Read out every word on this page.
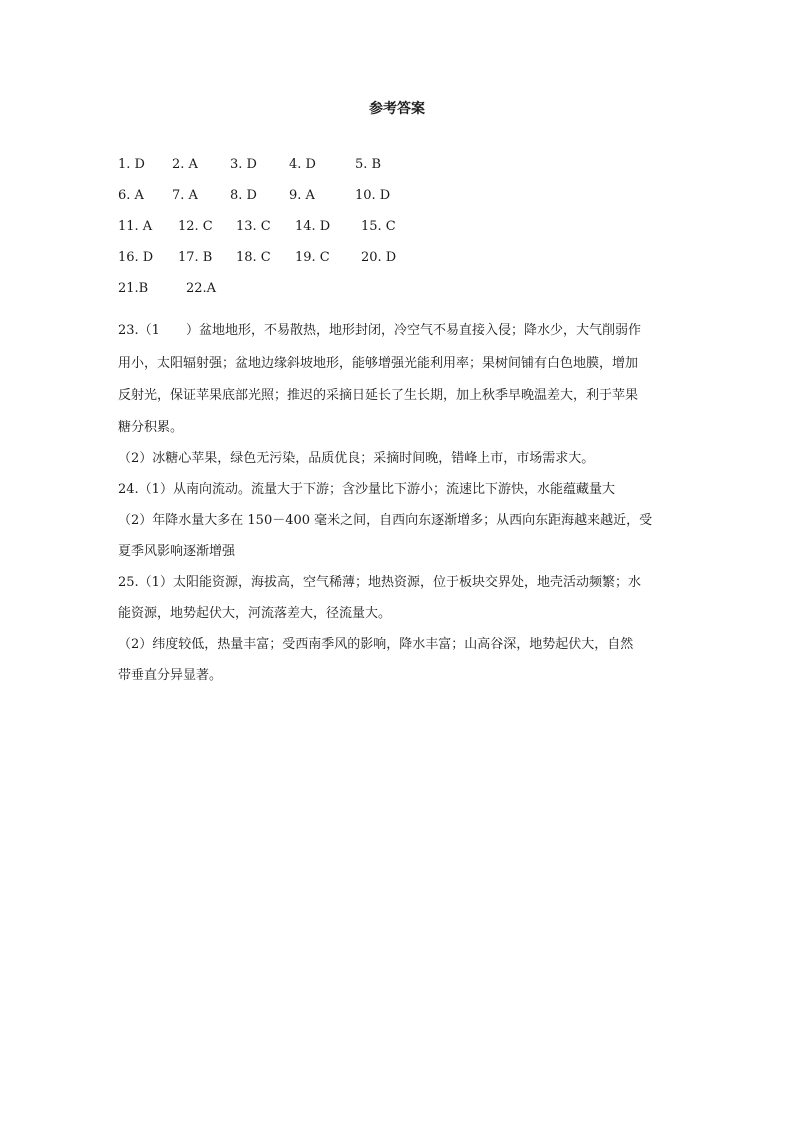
参考答案
1. D 2. A 3. D 4. D	5. B
6. A 7. A 8. D 9. A	10. D
11. A 12. C 13. C 14. D 15. C
16. D 17. B 18. C 19. C 20. D
21.B	22.A
23.（1　　）盆地地形，不易散热，地形封闭，冷空气不易直接入侵；降水少，大气削弱作
用小，太阳辐射强；盆地边缘斜坡地形，能够增强光能利用率；果树间铺有白色地膜，增加
反射光，保证苹果底部光照；推迟的采摘日延长了生长期，加上秋季早晚温差大，利于苹果
糖分积累。
（2）冰糖心苹果，绿色无污染，品质优良；采摘时间晚，错峰上市，市场需求大。
24.（1）从南向流动。流量大于下游；含沙量比下游小；流速比下游快，水能蕴藏量大
（2）年降水量大多在 150－400 毫米之间，自西向东逐渐增多；从西向东距海越来越近，受
夏季风影响逐渐增强
25.（1）太阳能资源，海拔高，空气稀薄；地热资源，位于板块交界处，地壳活动频繁；水
能资源，地势起伏大，河流落差大，径流量大。
（2）纬度较低，热量丰富；受西南季风的影响，降水丰富；山高谷深，地势起伏大，自然
带垂直分异显著。
